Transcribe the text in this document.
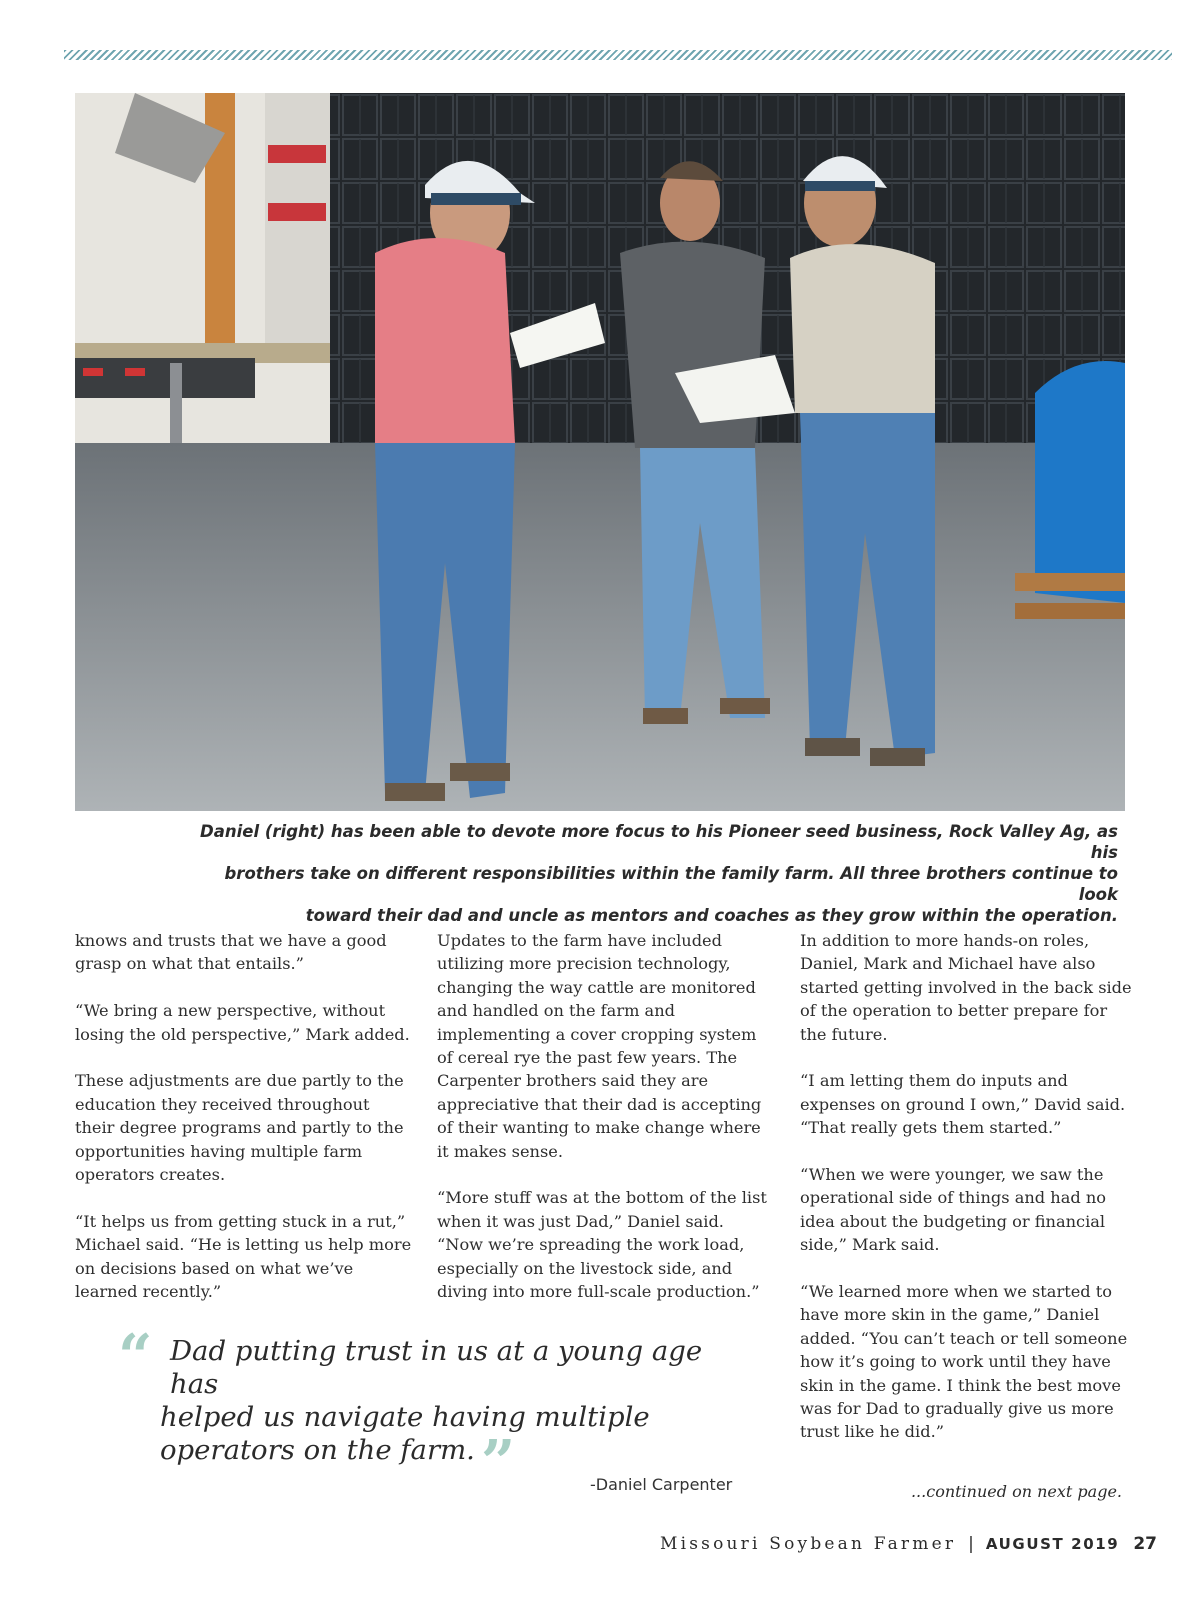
Daniel (right) has been able to devote more focus to his Pioneer seed business, Rock Valley Ag, as his
brothers take on different responsibilities within the family farm. All three brothers continue to look
toward their dad and uncle as mentors and coaches as they grow within the operation.

knows and trusts that we have a good grasp on what that entails.”

“We bring a new perspective, without losing the old perspective,” Mark added.

These adjustments are due partly to the education they received throughout their degree programs and partly to the opportunities having multiple farm operators creates.

“It helps us from getting stuck in a rut,” Michael said. “He is letting us help more on decisions based on what we’ve learned recently.”

Updates to the farm have included utilizing more precision technology, changing the way cattle are monitored and handled on the farm and implementing a cover cropping system of cereal rye the past few years. The Carpenter brothers said they are appreciative that their dad is accepting of their wanting to make change where it makes sense.

“More stuff was at the bottom of the list when it was just Dad,” Daniel said. “Now we’re spreading the work load, especially on the livestock side, and diving into more full-scale production.”

In addition to more hands-on roles, Daniel, Mark and Michael have also started getting involved in the back side of the operation to better prepare for the future.

“I am letting them do inputs and expenses on ground I own,” David said. “That really gets them started.”

“When we were younger, we saw the operational side of things and had no idea about the budgeting or financial side,” Mark said.

“We learned more when we started to have more skin in the game,” Daniel added. “You can’t teach or tell someone how it’s going to work until they have skin in the game. I think the best move was for Dad to gradually give us more trust like he did.”

“ Dad putting trust in us at a young age has
helped us navigate having multiple
operators on the farm. ”	-Daniel Carpenter	...continued on next page.
Missouri Soybean Farmer | AUGUST 2019 27
